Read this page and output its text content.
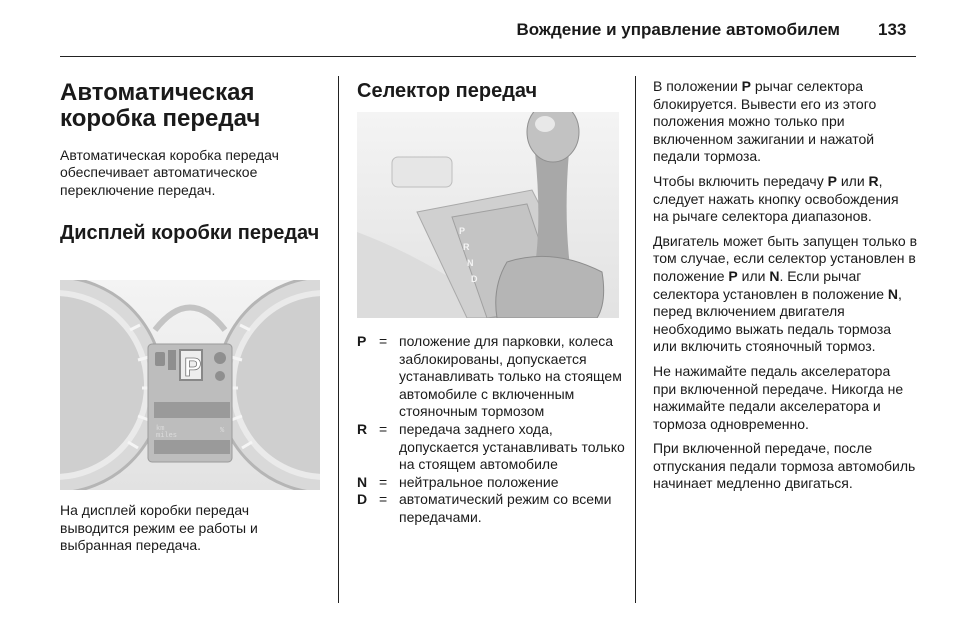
Вождение и управление автомобилем 133
Автоматическая коробка передач
Автоматическая коробка передач обеспечивает автоматическое переключение передач.
Дисплей коробки передач
P
km
miles
%
На дисплей коробки передач выводится режим ее работы и выбранная передача.
Селектор передач
P
R
N
D
P = положение для парковки, колеса заблокированы, допускается устанавливать только на стоящем автомобиле с включенным стояночным тормозом
R = передача заднего хода, допускается устанавливать только на стоящем автомобиле
N = нейтральное положение
D = автоматический режим со всеми передачами.

В положении P рычаг селектора блокируется. Вывести его из этого положения можно только при включенном зажигании и нажатой педали тормоза.

Чтобы включить передачу P или R, следует нажать кнопку освобождения на рычаге селектора диапазонов.

Двигатель может быть запущен только в том случае, если селектор установлен в положение P или N. Если рычаг селектора установлен в положение N, перед включением двигателя необходимо выжать педаль тормоза или включить стояночный тормоз.

Не нажимайте педаль акселератора при включенной передаче. Никогда не нажимайте педали акселератора и тормоза одновременно.

При включенной передаче, после отпускания педали тормоза автомобиль начинает медленно двигаться.
